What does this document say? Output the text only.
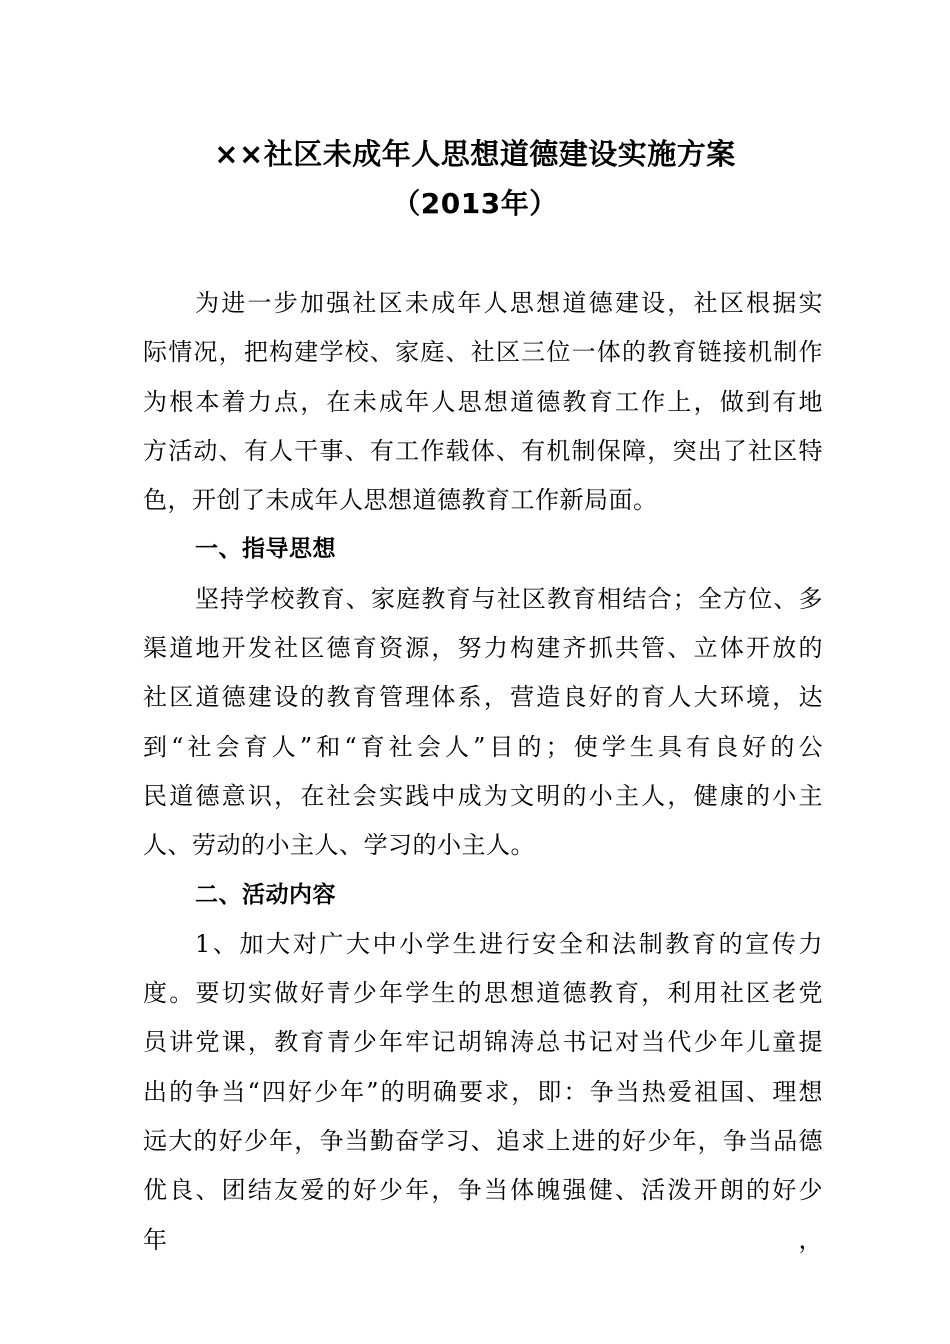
××社区未成年人思想道德建设实施方案
（2013年）
为进一步加强社区未成年人思想道德建设，社区根据实
际情况，把构建学校、家庭、社区三位一体的教育链接机制作
为根本着力点，在未成年人思想道德教育工作上，做到有地
方活动、有人干事、有工作载体、有机制保障，突出了社区特
色，开创了未成年人思想道德教育工作新局面。
一、指导思想
坚持学校教育、家庭教育与社区教育相结合；全方位、多
渠道地开发社区德育资源，努力构建齐抓共管、立体开放的
社区道德建设的教育管理体系，营造良好的育人大环境，达
到“社会育人”和“育社会人”目的；使学生具有良好的公
民道德意识，在社会实践中成为文明的小主人，健康的小主
人、劳动的小主人、学习的小主人。
二、活动内容
1、加大对广大中小学生进行安全和法制教育的宣传力
度。要切实做好青少年学生的思想道德教育，利用社区老党
员讲党课，教育青少年牢记胡锦涛总书记对当代少年儿童提
出的争当“四好少年”的明确要求，即：争当热爱祖国、理想
远大的好少年，争当勤奋学习、追求上进的好少年，争当品德
优良、团结友爱的好少年，争当体魄强健、活泼开朗的好少年，
